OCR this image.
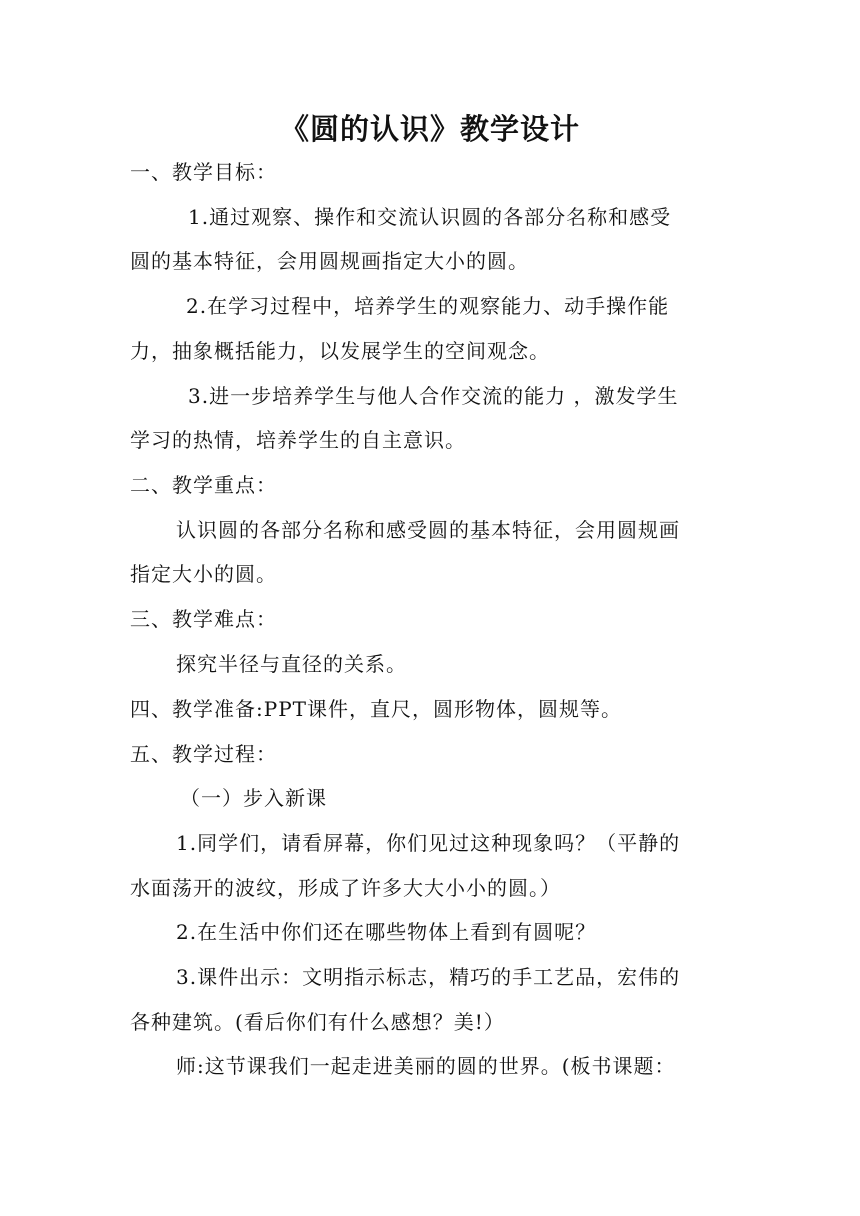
《圆的认识》教学设计
一、教学目标：
1.通过观察、操作和交流认识圆的各部分名称和感受
圆的基本特征，会用圆规画指定大小的圆。
2.在学习过程中，培养学生的观察能力、动手操作能
力，抽象概括能力，以发展学生的空间观念。
3.进一步培养学生与他人合作交流的能力 ，激发学生
学习的热情，培养学生的自主意识。
二、教学重点：
认识圆的各部分名称和感受圆的基本特征，会用圆规画
指定大小的圆。
三、教学难点：
探究半径与直径的关系。
四、教学准备:PPT课件，直尺，圆形物体，圆规等。
五、教学过程：
（一）步入新课
1.同学们，请看屏幕，你们见过这种现象吗？（平静的
水面荡开的波纹，形成了许多大大小小的圆。）
2.在生活中你们还在哪些物体上看到有圆呢？
3.课件出示：文明指示标志，精巧的手工艺品，宏伟的
各种建筑。(看后你们有什么感想？美!）
师:这节课我们一起走进美丽的圆的世界。(板书课题：
